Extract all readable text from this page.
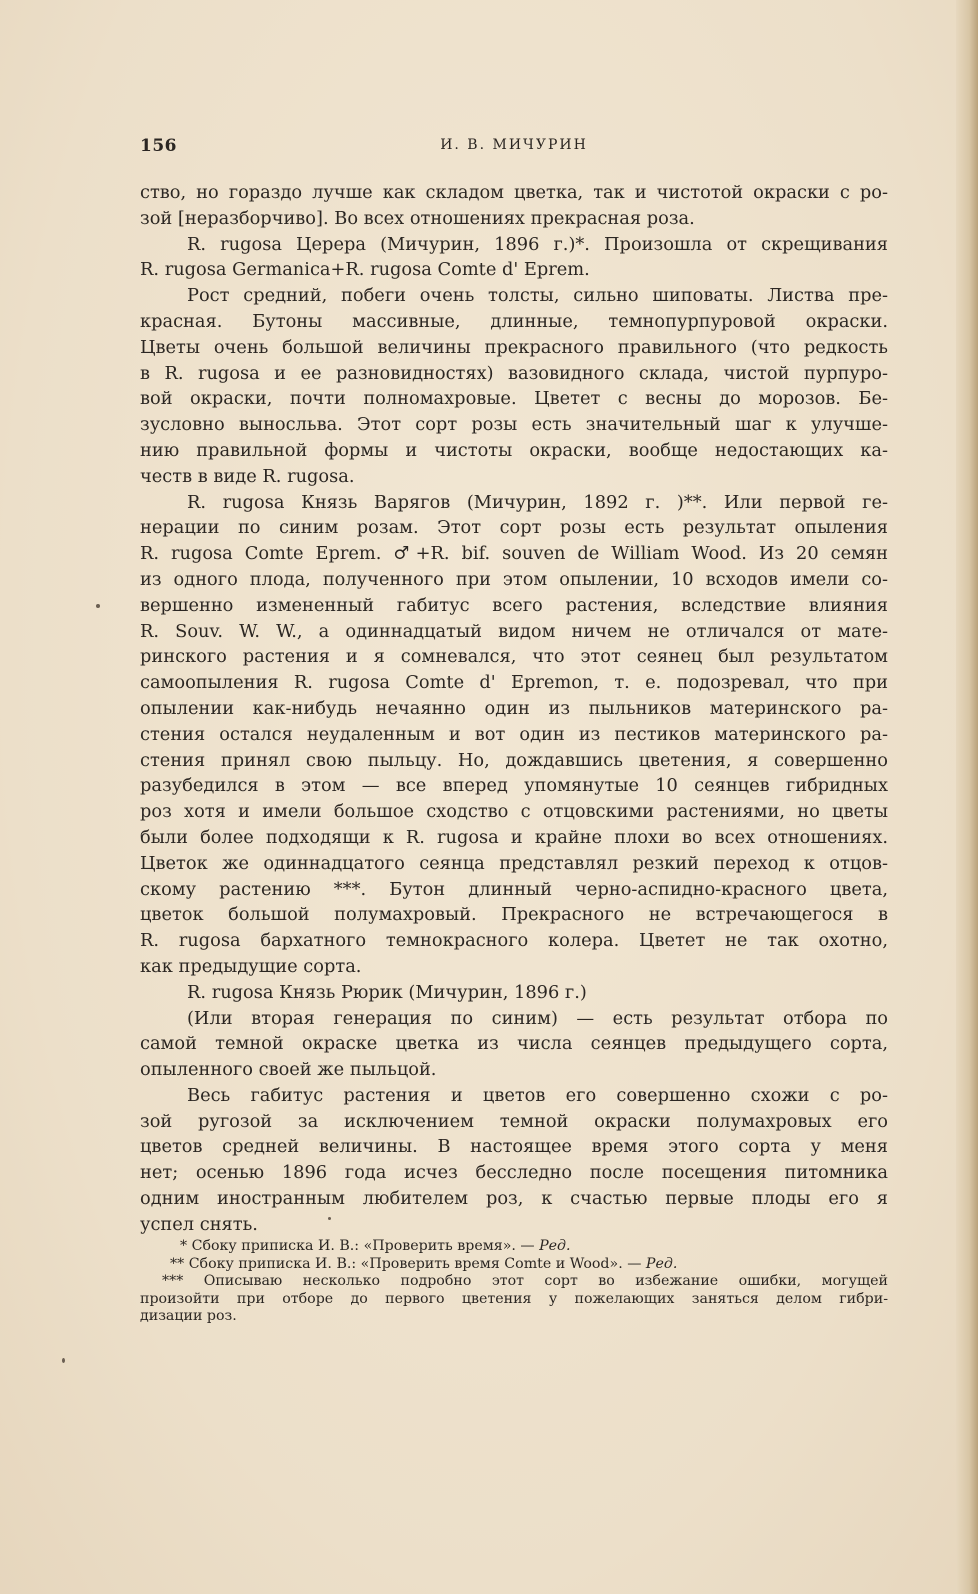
156	И. В. МИЧУРИН
ство, но гораздо лучше как складом цветка, так и чистотой окраски с ро-
зой [неразборчиво]. Во всех отношениях прекрасная роза.
R. rugosa Церера (Мичурин, 1896 г.)*. Произошла от скрещивания
R. rugosa Germanica+R. rugosa Comte d' Eprem.
Рост средний, побеги очень толсты, сильно шиповаты. Листва пре-
красная. Бутоны массивные, длинные, темнопурпуровой окраски.
Цветы очень большой величины прекрасного правильного (что редкость
в R. rugosa и ее разновидностях) вазовидного склада, чистой пурпуро-
вой окраски, почти полномахровые. Цветет с весны до морозов. Бе-
зусловно выносльва. Этот сорт розы есть значительный шаг к улучше-
нию правильной формы и чистоты окраски, вообще недостающих ка-
честв в виде R. rugosa.
R. rugosa Князь Варягов (Мичурин, 1892 г. )**. Или первой ге-
нерации по синим розам. Этот сорт розы есть результат опыления
R. rugosa Comte Eprem. ♂+R. bif. souven de William Wood. Из 20 семян
из одного плода, полученного при этом опылении, 10 всходов имели со-
вершенно измененный габитус всего растения, вследствие влияния
R. Souv. W. W., а одиннадцатый видом ничем не отличался от мате-
ринского растения и я сомневался, что этот сеянец был результатом
самоопыления R. rugosa Comte d' Epremon, т. е. подозревал, что при
опылении как-нибудь нечаянно один из пыльников материнского ра-
стения остался неудаленным и вот один из пестиков материнского ра-
стения принял свою пыльцу. Но, дождавшись цветения, я совершенно
разубедился в этом — все вперед упомянутые 10 сеянцев гибридных
роз хотя и имели большое сходство с отцовскими растениями, но цветы
были более подходящи к R. rugosa и крайне плохи во всех отношениях.
Цветок же одиннадцатого сеянца представлял резкий переход к отцов-
скому растению ***. Бутон длинный черно-аспидно-красного цвета,
цветок большой полумахровый. Прекрасного не встречающегося в
R. rugosa бархатного темнокрасного колера. Цветет не так охотно,
как предыдущие сорта.
R. rugosa Князь Рюрик (Мичурин, 1896 г.)
(Или вторая генерация по синим) — есть результат отбора по
самой темной окраске цветка из числа сеянцев предыдущего сорта,
опыленного своей же пыльцой.
Весь габитус растения и цветов его совершенно схожи с ро-
зой ругозой за исключением темной окраски полумахровых его
цветов средней величины. В настоящее время этого сорта у меня
нет; осенью 1896 года исчез бесследно после посещения питомника
одним иностранным любителем роз, к счастью первые плоды его я
успел снять.
* Сбоку приписка И. В.: «Проверить время». — Ред.
** Сбоку приписка И. В.: «Проверить время Comte и Wood». — Ред.
*** Описываю несколько подробно этот сорт во избежание ошибки, могущей
произойти при отборе до первого цветения у пожелающих заняться делом гибри-
дизации роз.
